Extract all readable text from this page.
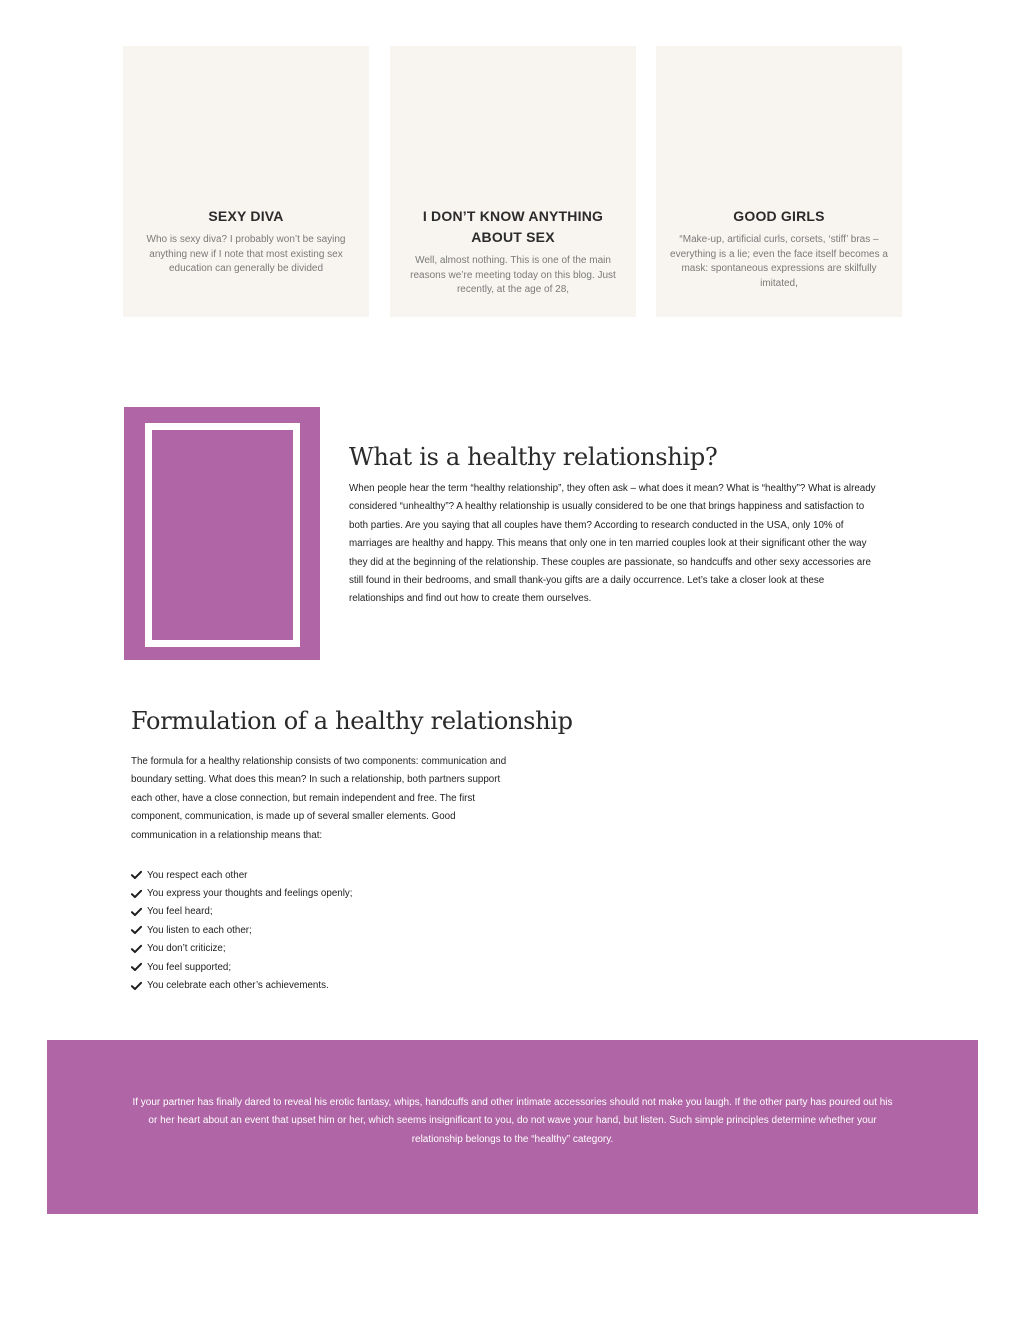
SEXY DIVA

Who is sexy diva? I probably won’t be saying anything new if I note that most existing sex education can generally be divided

I DON’T KNOW ANYTHING ABOUT SEX

Well, almost nothing. This is one of the main reasons we’re meeting today on this blog. Just recently, at the age of 28,

GOOD GIRLS

“Make-up, artificial curls, corsets, ‘stiff’ bras – everything is a lie; even the face itself becomes a mask: spontaneous expressions are skilfully imitated,

What is a healthy relationship?

When people hear the term “healthy relationship”, they often ask – what does it mean? What is “healthy”? What is already considered “unhealthy”? A healthy relationship is usually considered to be one that brings happiness and satisfaction to both parties. Are you saying that all couples have them? According to research conducted in the USA, only 10% of marriages are healthy and happy. This means that only one in ten married couples look at their significant other the way they did at the beginning of the relationship. These couples are passionate, so handcuffs and other sexy accessories are still found in their bedrooms, and small thank-you gifts are a daily occurrence. Let’s take a closer look at these relationships and find out how to create them ourselves.

Formulation of a healthy relationship

The formula for a healthy relationship consists of two components: communication and boundary setting. What does this mean? In such a relationship, both partners support each other, have a close connection, but remain independent and free. The first component, communication, is made up of several smaller elements. Good communication in a relationship means that:

You respect each other
You express your thoughts and feelings openly;
You feel heard;
You listen to each other;
You don’t criticize;
You feel supported;
You celebrate each other’s achievements.

If your partner has finally dared to reveal his erotic fantasy, whips, handcuffs and other intimate accessories should not make you laugh. If the other party has poured out his or her heart about an event that upset him or her, which seems insignificant to you, do not wave your hand, but listen. Such simple principles determine whether your relationship belongs to the “healthy” category.
